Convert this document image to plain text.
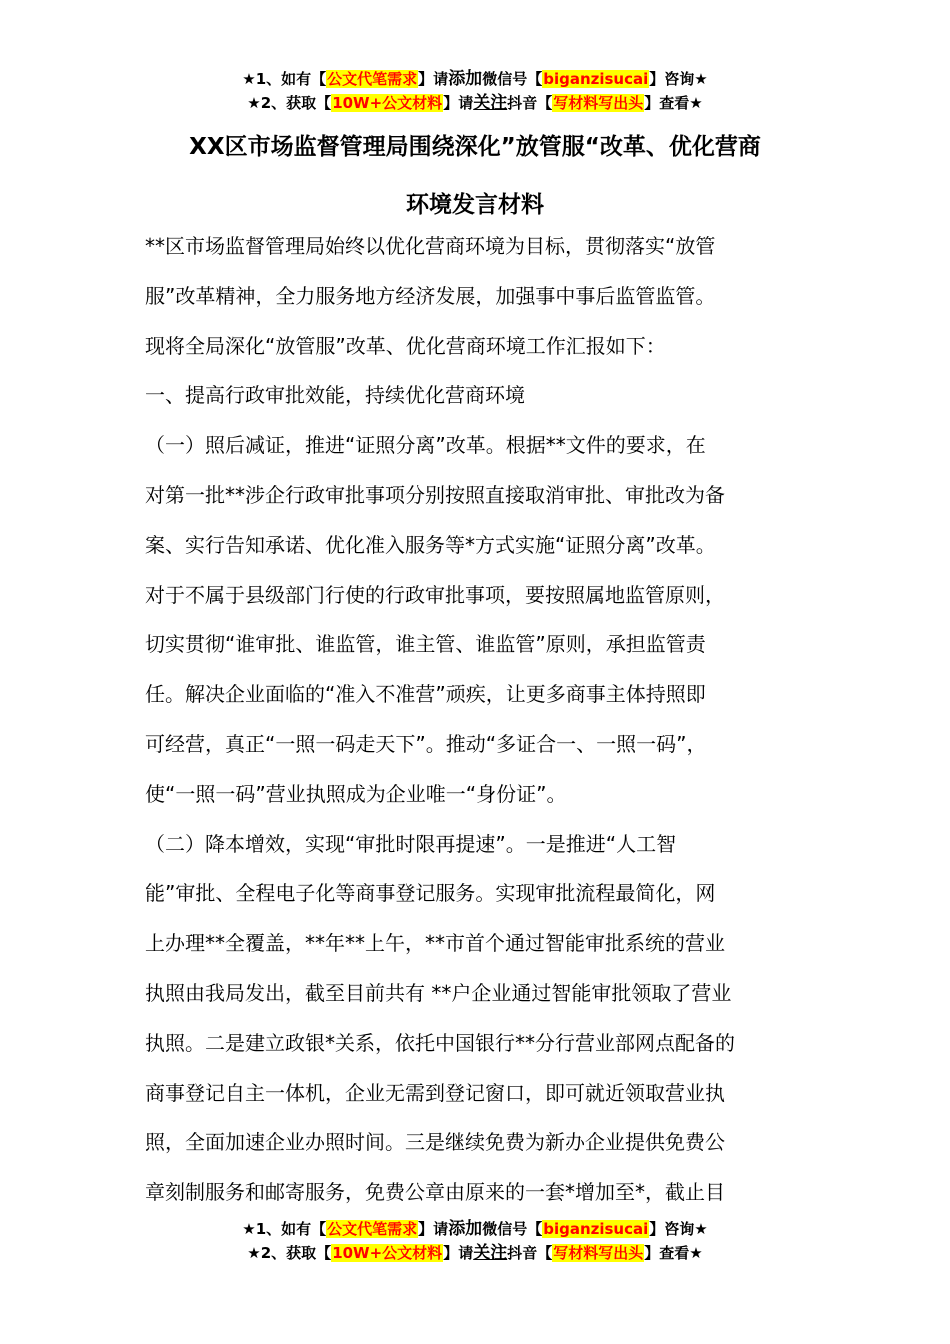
★1、如有【公文代笔需求】请添加微信号【biganzisucai】咨询★
★2、获取【10W+公文材料】请关注抖音【写材料写出头】查看★
XX区市场监督管理局围绕深化”放管服“改革、优化营商
环境发言材料
**区市场监督管理局始终以优化营商环境为目标，贯彻落实“放管
服”改革精神，全力服务地方经济发展，加强事中事后监管监管。
现将全局深化“放管服”改革、优化营商环境工作汇报如下：
一、提高行政审批效能，持续优化营商环境
（一）照后减证，推进“证照分离”改革。根据**文件的要求，在
对第一批**涉企行政审批事项分别按照直接取消审批、审批改为备
案、实行告知承诺、优化准入服务等*方式实施“证照分离”改革。
对于不属于县级部门行使的行政审批事项，要按照属地监管原则，
切实贯彻“谁审批、谁监管，谁主管、谁监管”原则，承担监管责
任。解决企业面临的“准入不准营”顽疾，让更多商事主体持照即
可经营，真正“一照一码走天下”。推动“多证合一、一照一码”，
使“一照一码”营业执照成为企业唯一“身份证”。
（二）降本增效，实现“审批时限再提速”。一是推进“人工智
能”审批、全程电子化等商事登记服务。实现审批流程最简化，网
上办理**全覆盖，**年**上午，**市首个通过智能审批系统的营业
执照由我局发出，截至目前共有 **户企业通过智能审批领取了营业
执照。二是建立政银*关系，依托中国银行**分行营业部网点配备的
商事登记自主一体机，企业无需到登记窗口，即可就近领取营业执
照，全面加速企业办照时间。三是继续免费为新办企业提供免费公
章刻制服务和邮寄服务，免费公章由原来的一套*增加至*，截止目
★1、如有【公文代笔需求】请添加微信号【biganzisucai】咨询★
★2、获取【10W+公文材料】请关注抖音【写材料写出头】查看★
